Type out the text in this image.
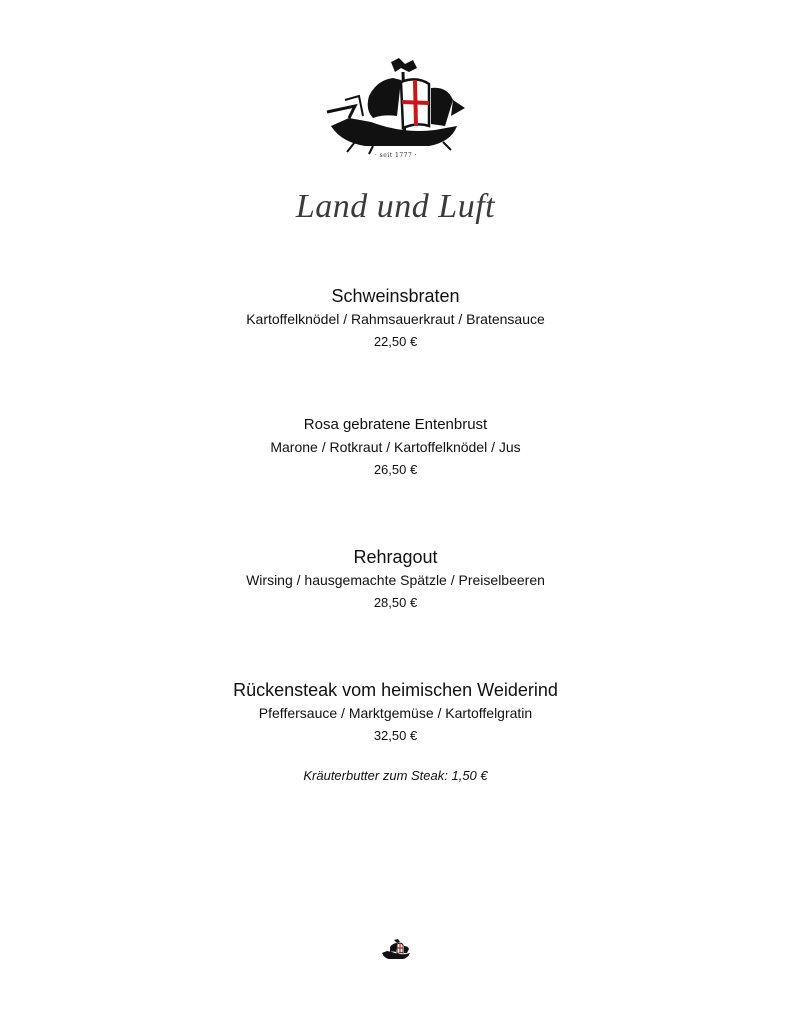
· seit 1777 ·
Land und Luft
Schweinsbraten
Kartoffelknödel / Rahmsauerkraut / Bratensauce
22,50 €
Rosa gebratene Entenbrust
Marone / Rotkraut / Kartoffelknödel / Jus
26,50 €
Rehragout
Wirsing / hausgemachte Spätzle / Preiselbeeren
28,50 €
Rückensteak vom heimischen Weiderind
Pfeffersauce / Marktgemüse / Kartoffelgratin
32,50 €
Kräuterbutter zum Steak: 1,50 €
